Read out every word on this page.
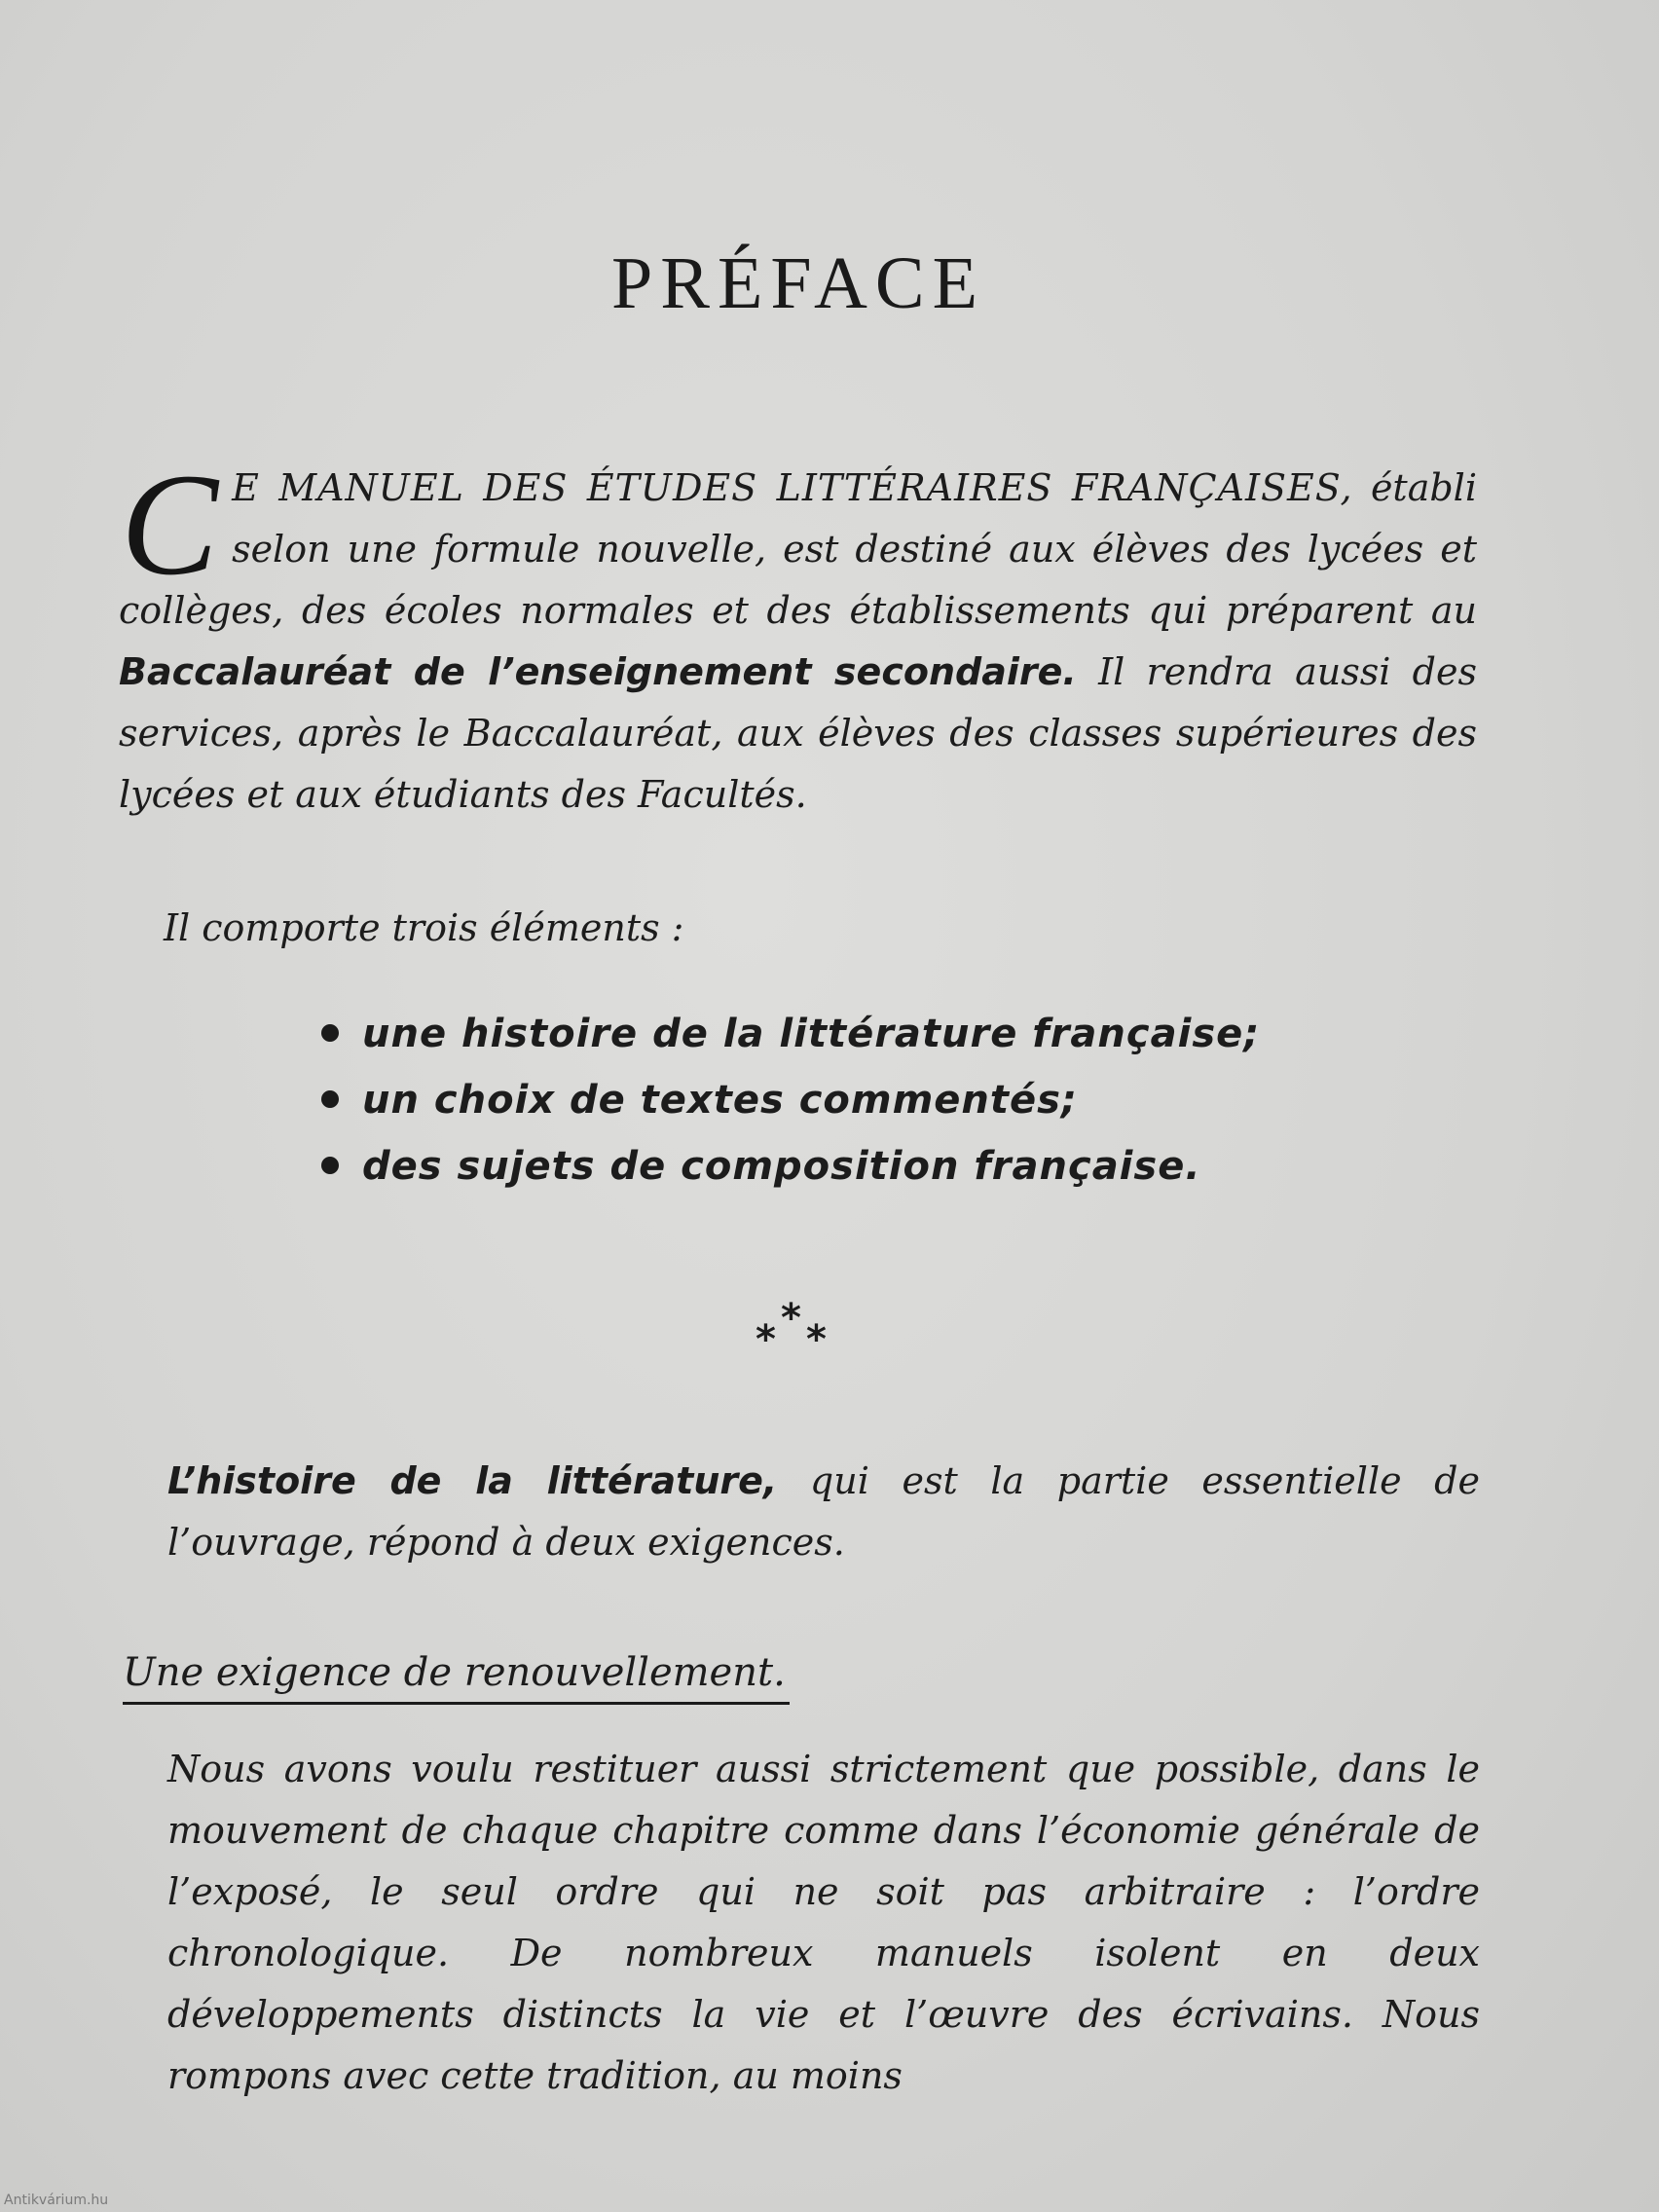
PRÉFACE
C E MANUEL DES ÉTUDES LITTÉRAIRES FRANÇAISES, établi selon une formule nouvelle, est destiné aux élèves des lycées et collèges, des écoles normales et des établissements qui préparent au Baccalauréat de l’enseignement secondaire. Il rendra aussi des services, après le Baccalauréat, aux élèves des classes supérieures des lycées et aux étudiants des Facultés.
Il comporte trois éléments :
une histoire de la littérature française;
un choix de textes commentés;
des sujets de composition française.
* * *
L’histoire de la littérature, qui est la partie essentielle de l’ouvrage, répond à deux exigences.
Une exigence de renouvellement.
Nous avons voulu restituer aussi strictement que possible, dans le mouvement de chaque chapitre comme dans l’économie générale de l’exposé, le seul ordre qui ne soit pas arbitraire : l’ordre chronologique. De nombreux manuels isolent en deux développements distincts la vie et l’œuvre des écrivains. Nous rompons avec cette tradition, au moins
Antikvárium.hu
